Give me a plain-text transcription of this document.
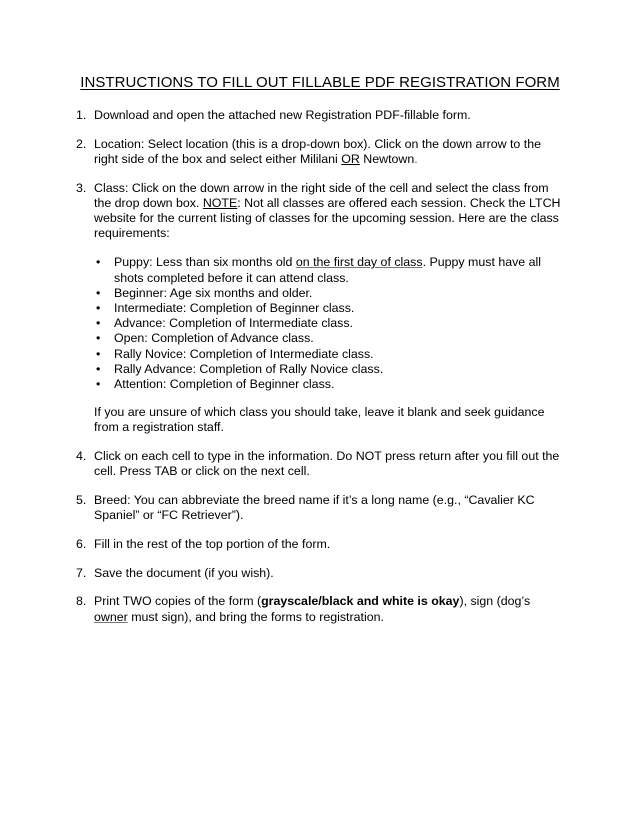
INSTRUCTIONS TO FILL OUT FILLABLE PDF REGISTRATION FORM
1. Download and open the attached new Registration PDF-fillable form.
2. Location: Select location (this is a drop-down box). Click on the down arrow to the right side of the box and select either Mililani OR Newtown.
3. Class: Click on the down arrow in the right side of the cell and select the class from the drop down box. NOTE: Not all classes are offered each session. Check the LTCH website for the current listing of classes for the upcoming session. Here are the class requirements:
• Puppy: Less than six months old on the first day of class. Puppy must have all shots completed before it can attend class.
• Beginner: Age six months and older.
• Intermediate: Completion of Beginner class.
• Advance: Completion of Intermediate class.
• Open: Completion of Advance class.
• Rally Novice: Completion of Intermediate class.
• Rally Advance: Completion of Rally Novice class.
• Attention: Completion of Beginner class.

If you are unsure of which class you should take, leave it blank and seek guidance from a registration staff.

4. Click on each cell to type in the information. Do NOT press return after you fill out the cell. Press TAB or click on the next cell.
5. Breed: You can abbreviate the breed name if it’s a long name (e.g., “Cavalier KC Spaniel” or “FC Retriever”).
6. Fill in the rest of the top portion of the form.
7. Save the document (if you wish).
8. Print TWO copies of the form (grayscale/black and white is okay), sign (dog’s owner must sign), and bring the forms to registration.
